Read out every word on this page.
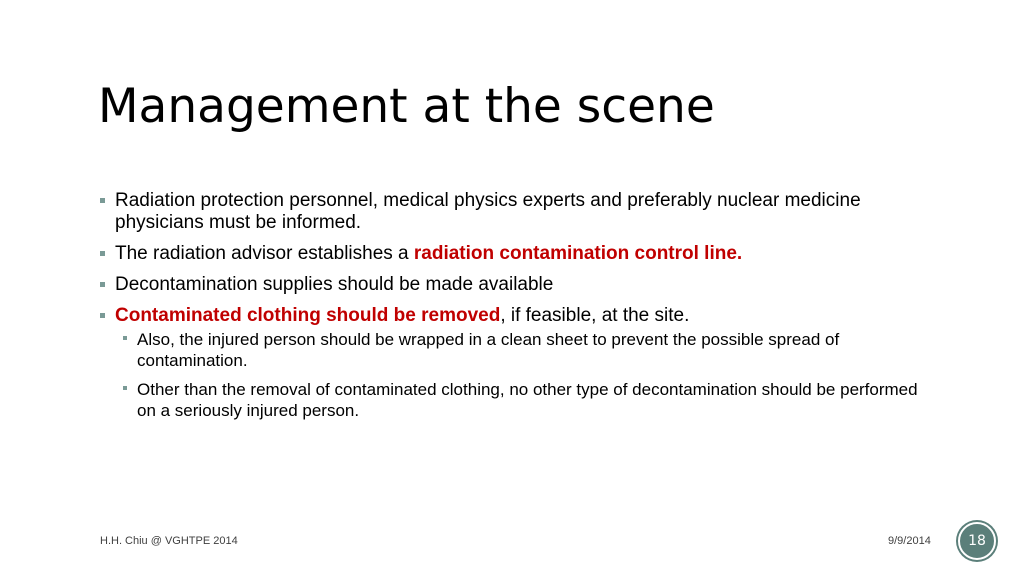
Management at the scene
Radiation protection personnel, medical physics experts and preferably nuclear medicine physicians must be informed.
The radiation advisor establishes a radiation contamination control line.
Decontamination supplies should be made available
Contaminated clothing should be removed, if feasible, at the site.
Also, the injured person should be wrapped in a clean sheet to prevent the possible spread of contamination.
Other than the removal of contaminated clothing, no other type of decontamination should be performed on a seriously injured person.
H.H. Chiu @ VGHTPE 2014	9/9/2014	18
